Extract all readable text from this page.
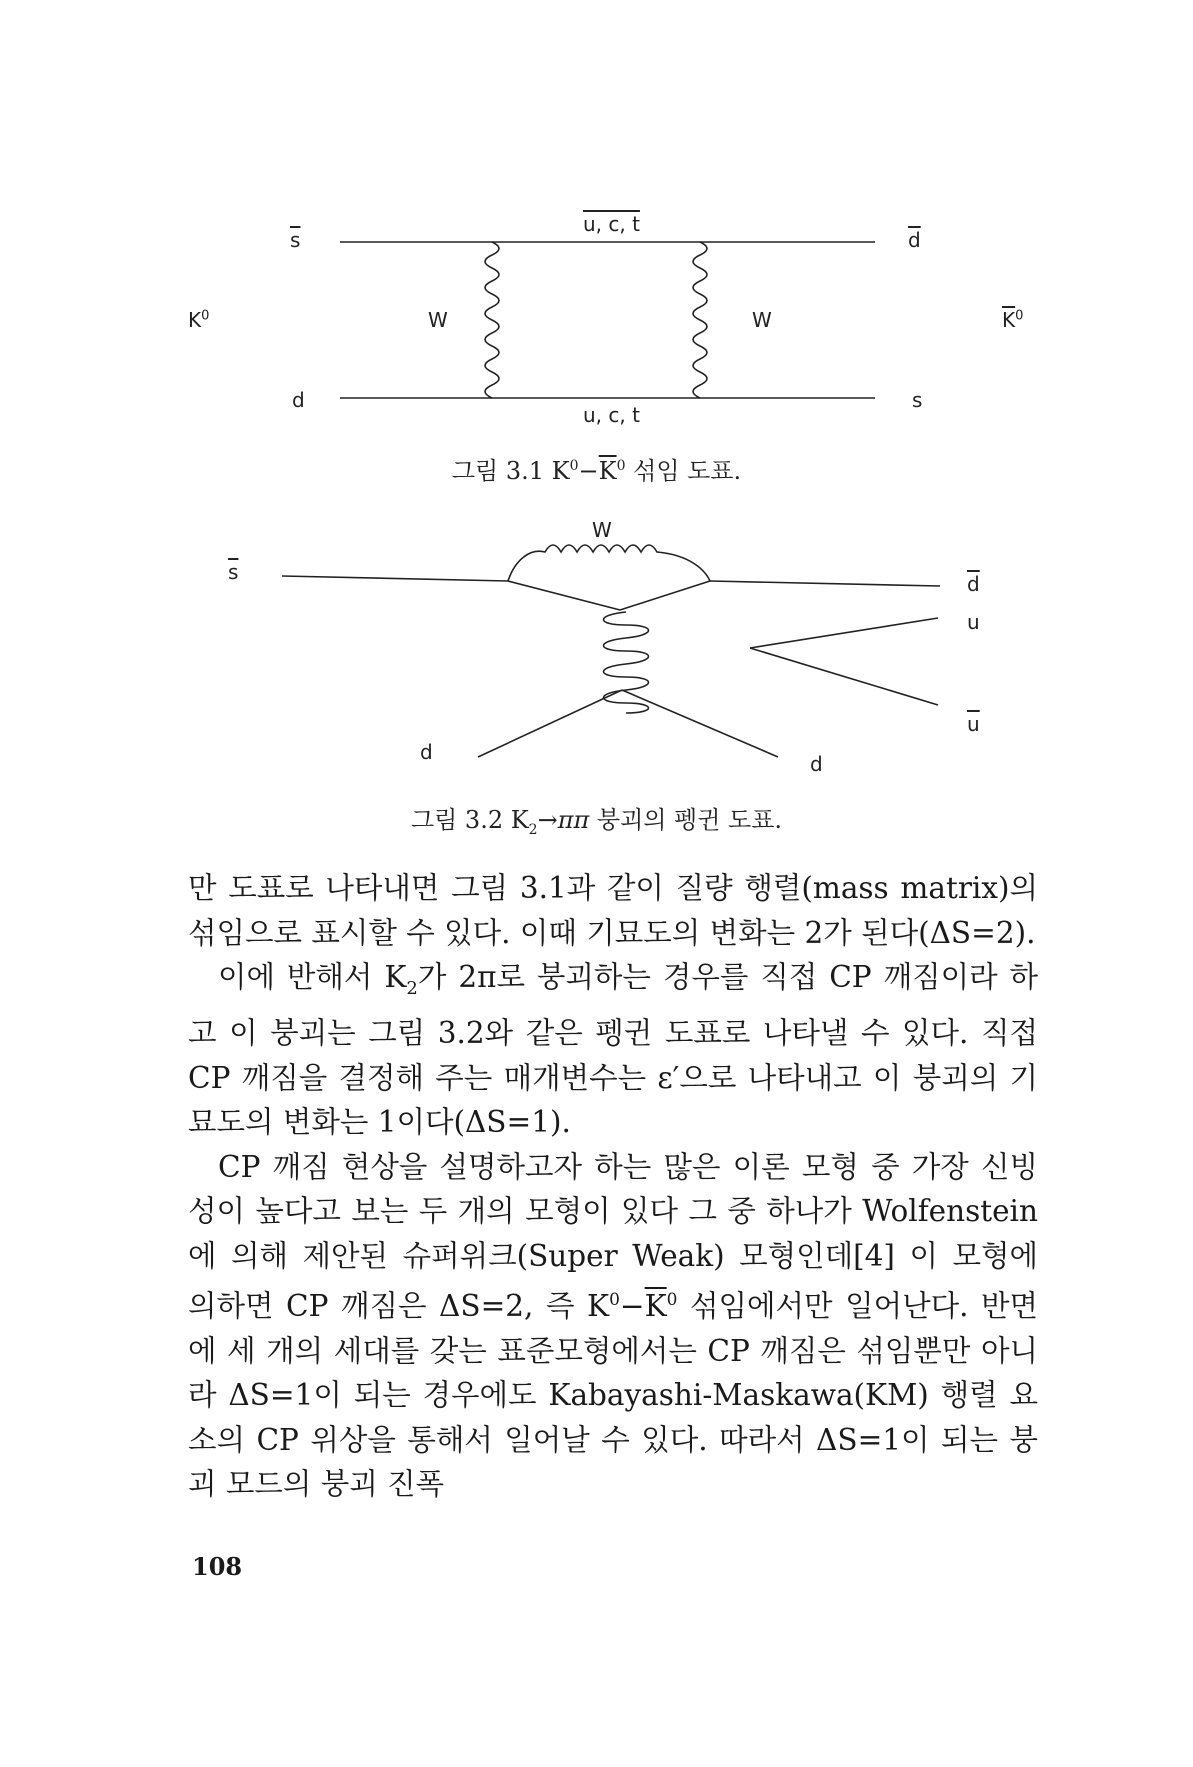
$\overline{s}$
u, c, t
$\overline{d}$
$K^0$	W	W	$\overline{K}^0$
d	s
u, c, t
그림 3.1 $K^0-\overline{K}^0$ 섞임 도표.
W
$\overline{s}$	$\overline{d}$
u
$\overline{u}$
d	d
그림 3.2 $K_2\to\pi\pi$ 붕괴의 펭귄 도표.

만 도표로 나타내면 그림 3.1과 같이 질량 행렬(mass matrix)의 섞임으로 표시할 수 있다. 이때 기묘도의 변화는 2가 된다(ΔS=2).

이에 반해서 $K_2$가 2π로 붕괴하는 경우를 직접 CP 깨짐이라 하고 이 붕괴는 그림 3.2와 같은 펭귄 도표로 나타낼 수 있다. 직접 CP 깨짐을 결정해 주는 매개변수는 ε′으로 나타내고 이 붕괴의 기묘도의 변화는 1이다(ΔS=1).

CP 깨짐 현상을 설명하고자 하는 많은 이론 모형 중 가장 신빙성이 높다고 보는 두 개의 모형이 있다 그 중 하나가 Wolfenstein에 의해 제안된 슈퍼위크(Super Weak) 모형인데[4] 이 모형에 의하면 CP 깨짐은 ΔS=2, 즉 $K^0-\overline{K}^0$ 섞임에서만 일어난다. 반면에 세 개의 세대를 갖는 표준모형에서는 CP 깨짐은 섞임뿐만 아니라 ΔS=1이 되는 경우에도 Kabayashi-Maskawa(KM) 행렬 요소의 CP 위상을 통해서 일어날 수 있다. 따라서 ΔS=1이 되는 붕괴 모드의 붕괴 진폭

108
